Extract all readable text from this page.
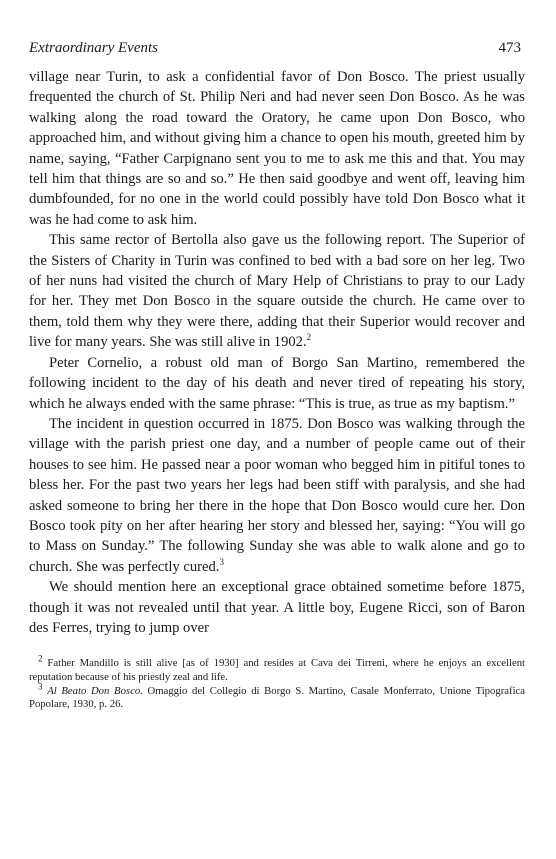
Extraordinary Events	473

village near Turin, to ask a confidential favor of Don Bosco. The priest usually frequented the church of St. Philip Neri and had never seen Don Bosco. As he was walking along the road toward the Oratory, he came upon Don Bosco, who approached him, and without giving him a chance to open his mouth, greeted him by name, saying, “Father Carpignano sent you to me to ask me this and that. You may tell him that things are so and so.” He then said goodbye and went off, leaving him dumbfounded, for no one in the world could possibly have told Don Bosco what it was he had come to ask him.

This same rector of Bertolla also gave us the following report. The Superior of the Sisters of Charity in Turin was confined to bed with a bad sore on her leg. Two of her nuns had visited the church of Mary Help of Christians to pray to our Lady for her. They met Don Bosco in the square outside the church. He came over to them, told them why they were there, adding that their Superior would recover and live for many years. She was still alive in 1902.$^2$

Peter Cornelio, a robust old man of Borgo San Martino, remembered the following incident to the day of his death and never tired of repeating his story, which he always ended with the same phrase: “This is true, as true as my baptism.”

The incident in question occurred in 1875. Don Bosco was walking through the village with the parish priest one day, and a number of people came out of their houses to see him. He passed near a poor woman who begged him in pitiful tones to bless her. For the past two years her legs had been stiff with paralysis, and she had asked someone to bring her there in the hope that Don Bosco would cure her. Don Bosco took pity on her after hearing her story and blessed her, saying: “You will go to Mass on Sunday.” The following Sunday she was able to walk alone and go to church. She was perfectly cured.$^3$

We should mention here an exceptional grace obtained sometime before 1875, though it was not revealed until that year. A little boy, Eugene Ricci, son of Baron des Ferres, trying to jump over

$^2$ Father Mandillo is still alive [as of 1930] and resides at Cava dei Tirreni, where he enjoys an excellent reputation because of his priestly zeal and life.

$^3$ Al Beato Don Bosco. Omaggio del Collegio di Borgo S. Martino, Casale Monferrato, Unione Tipografica Popolare, 1930, p. 26.
